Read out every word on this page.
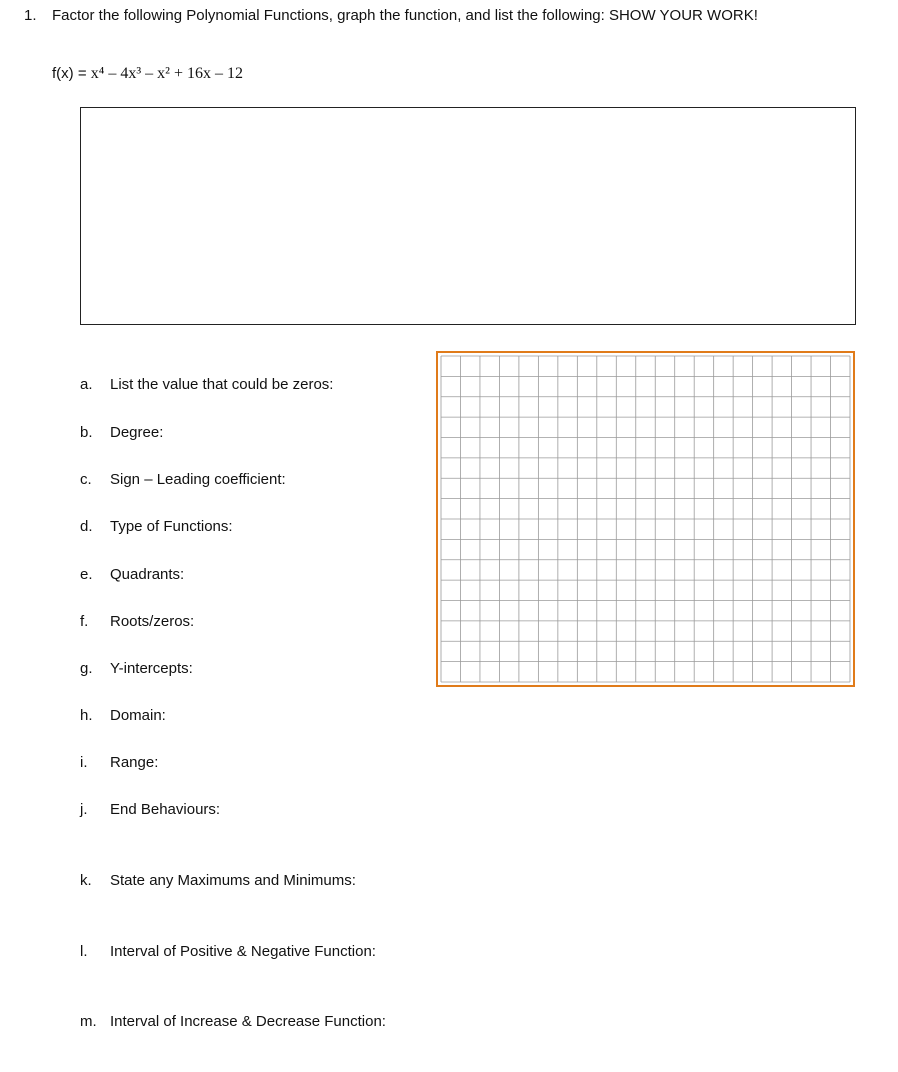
1. Factor the following Polynomial Functions, graph the function, and list the following: SHOW YOUR WORK!
f(x) = x⁴ – 4x³ – x² + 16x – 12
a.	List the value that could be zeros:
b.	Degree:
c.	Sign – Leading coefficient:
d.	Type of Functions:
e.	Quadrants:
f.	Roots/zeros:
g.	Y-intercepts:
h.	Domain:
i.	Range:
j.	End Behaviours:
k.	State any Maximums and Minimums:
l.	Interval of Positive & Negative Function:
m. Interval of Increase & Decrease Function:
